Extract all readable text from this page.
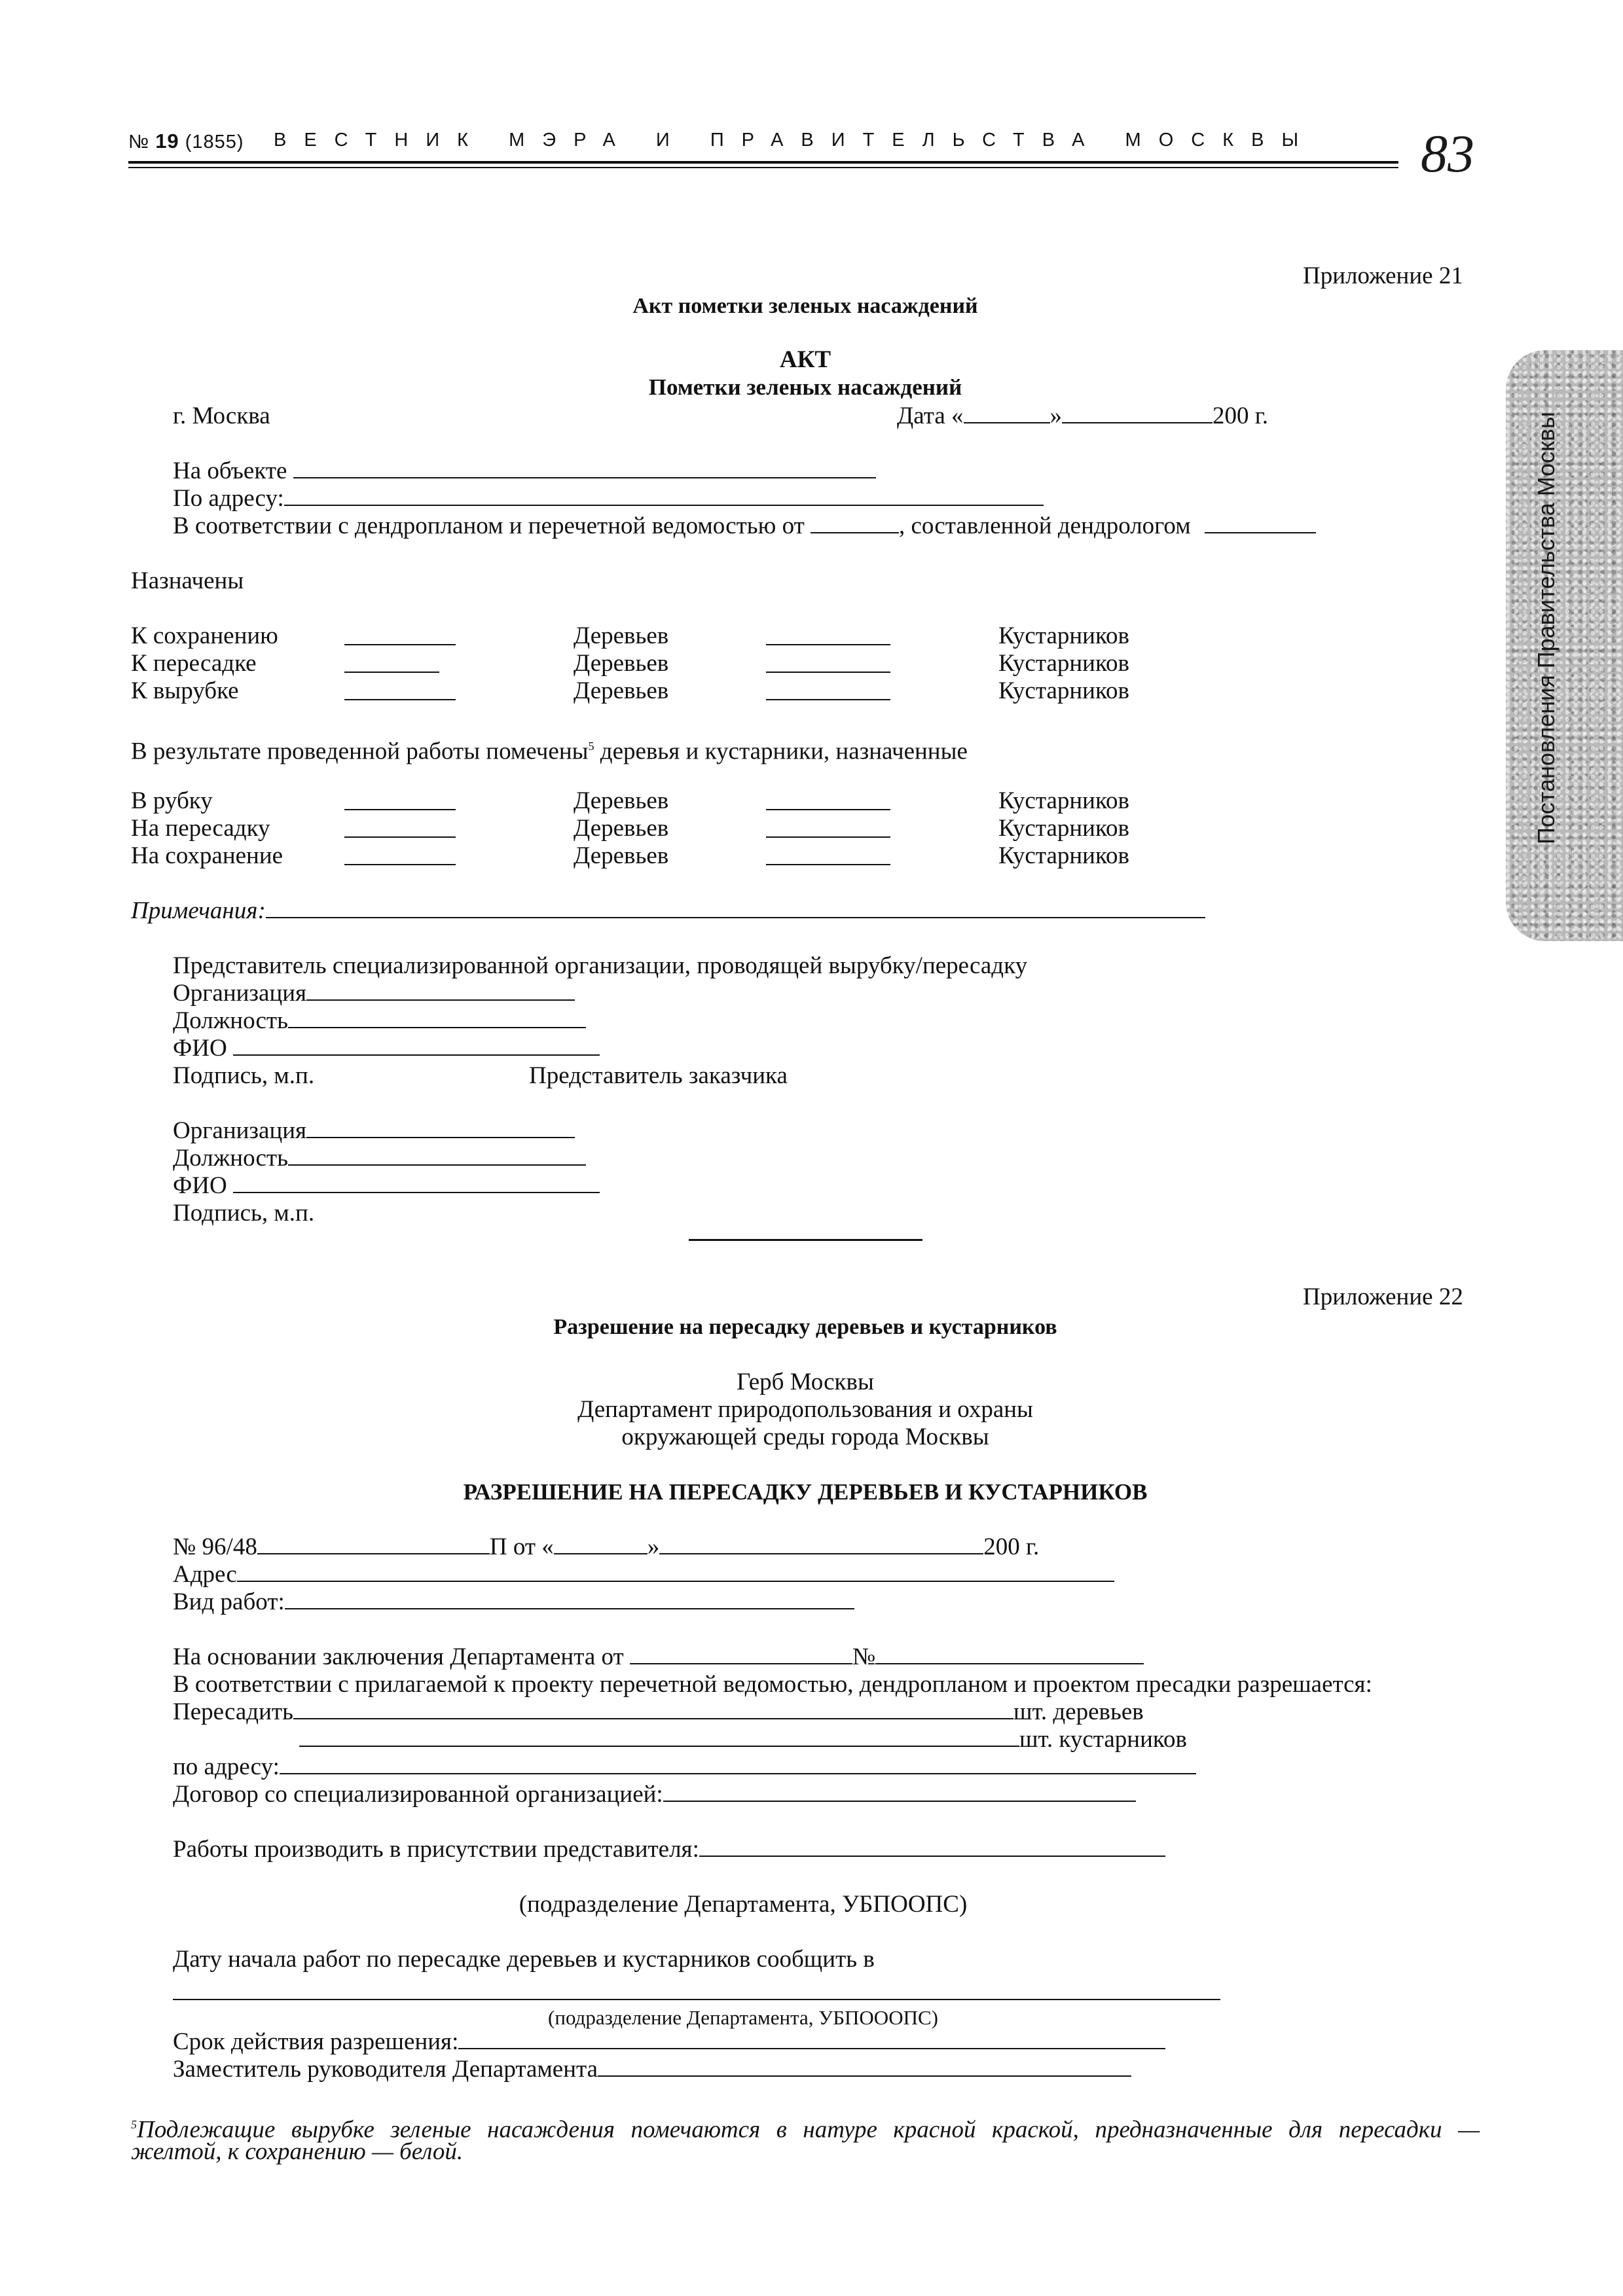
№ 19 (1855) ВЕСТНИК МЭРА И ПРАВИТЕЛЬСТВА МОСКВЫ 83
Постановления Правительства Москвы
Приложение 21
Акт пометки зеленых насаждений
АКТ
Пометки зеленых насаждений
г. Москва	Дата «	»	200 г.
На объекте
По адресу:
В соответствии с дендропланом и перечетной ведомостью от	, составленной дендрологом
Назначены
К сохранению	Деревьев	Кустарников
К пересадке	Деревьев	Кустарников
К вырубке	Деревьев	Кустарников
В результате проведенной работы помечены$^5$ деревья и кустарники, назначенные
В рубку	Деревьев	Кустарников
На пересадку	Деревьев	Кустарников
На сохранение	Деревьев	Кустарников
Примечания:
Представитель специализированной организации, проводящей вырубку/пересадку
Организация
Должность
ФИО
Подпись, м.п.	Представитель заказчика
Организация
Должность
ФИО
Подпись, м.п.
Приложение 22
Разрешение на пересадку деревьев и кустарников
Герб Москвы
Департамент природопользования и охраны
окружающей среды города Москвы
РАЗРЕШЕНИЕ НА ПЕРЕСАДКУ ДЕРЕВЬЕВ И КУСТАРНИКОВ
№ 96/48	П от «	»	200 г.
Адрес
Вид работ:
На основании заключения Департамента от	№
В соответствии с прилагаемой к проекту перечетной ведомостью, дендропланом и проектом пресадки разрешается:
Пересадить	шт. деревьев
шт. кустарников
по адресу:
Договор со специализированной организацией:
Работы производить в присутствии представителя:
(подразделение Департамента, УБПООПС)
Дату начала работ по пересадке деревьев и кустарников сообщить в
(подразделение Департамента, УБПОООПС)
Срок действия разрешения:
Заместитель руководителя Департамента
$^5$Подлежащие вырубке зеленые насаждения помечаются в натуре красной краской, предназначенные для пересадки —
желтой, к сохранению — белой.
